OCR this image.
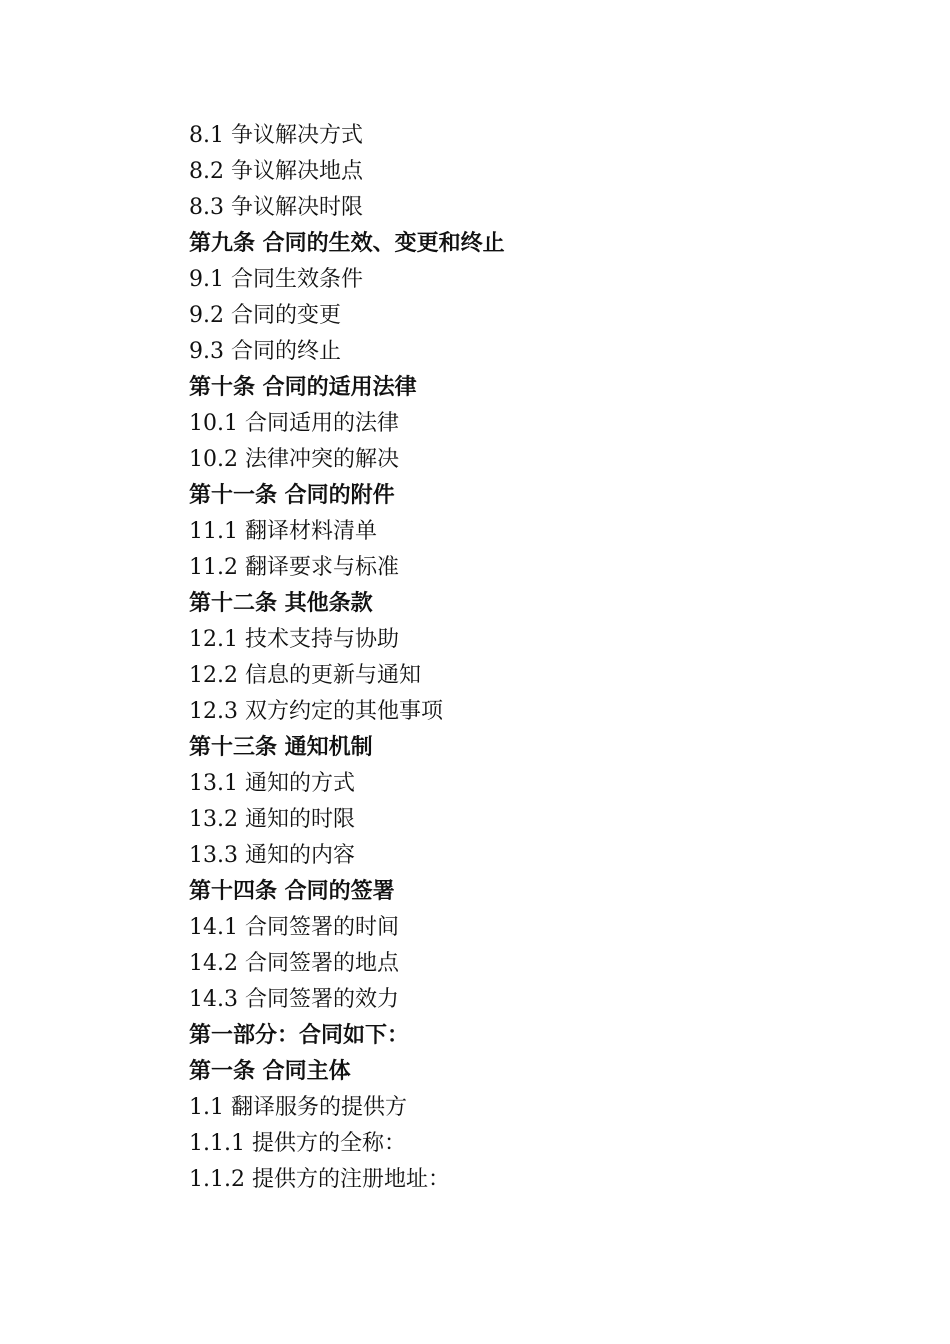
8.1 争议解决方式
8.2 争议解决地点
8.3 争议解决时限
第九条 合同的生效、变更和终止
9.1 合同生效条件
9.2 合同的变更
9.3 合同的终止
第十条 合同的适用法律
10.1 合同适用的法律
10.2 法律冲突的解决
第十一条 合同的附件
11.1 翻译材料清单
11.2 翻译要求与标准
第十二条 其他条款
12.1 技术支持与协助
12.2 信息的更新与通知
12.3 双方约定的其他事项
第十三条 通知机制
13.1 通知的方式
13.2 通知的时限
13.3 通知的内容
第十四条 合同的签署
14.1 合同签署的时间
14.2 合同签署的地点
14.3 合同签署的效力
第一部分：合同如下：
第一条 合同主体
1.1 翻译服务的提供方
1.1.1 提供方的全称：
1.1.2 提供方的注册地址：
